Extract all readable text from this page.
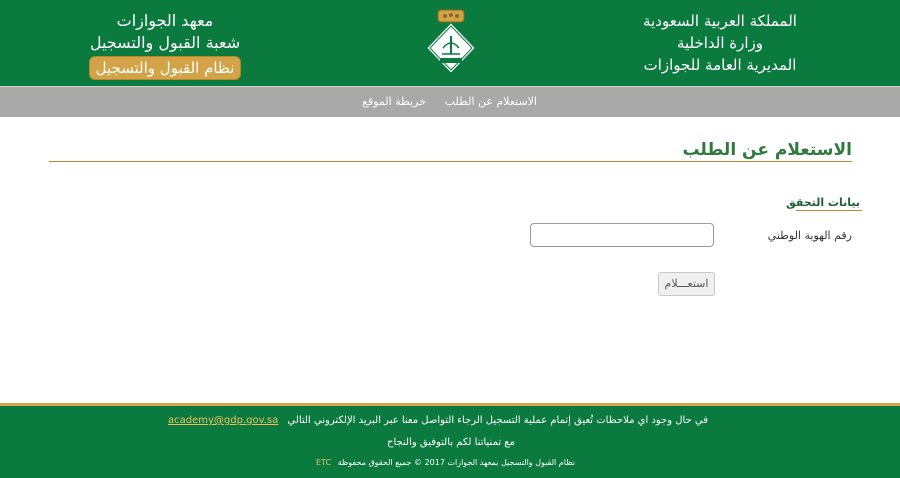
المملكة العربية السعودية
وزارة الداخلية
المديرية العامة للجوازات
معهد الجوازات
شعبة القبول والتسجيل
نظام القبول والتسجيل
الاستعلام عن الطلب
خريطة الموقع
الاستعلام عن الطلب
بيانات التحقق
رقم الهوية الوطني
استعـــلام
في حال وجود اي ملاحظات تُعيق إتمام عملية التسجيل الرجاء التواصل معنا عبر البريد الإلكتروني التالي academy@gdp.gov.sa
مع تمنياتنا لكم بالتوفيق والنجاح
نظام القبول والتسجيل بمعهد الجوازات 2017 © جميع الحقوق محفوظة ETC
